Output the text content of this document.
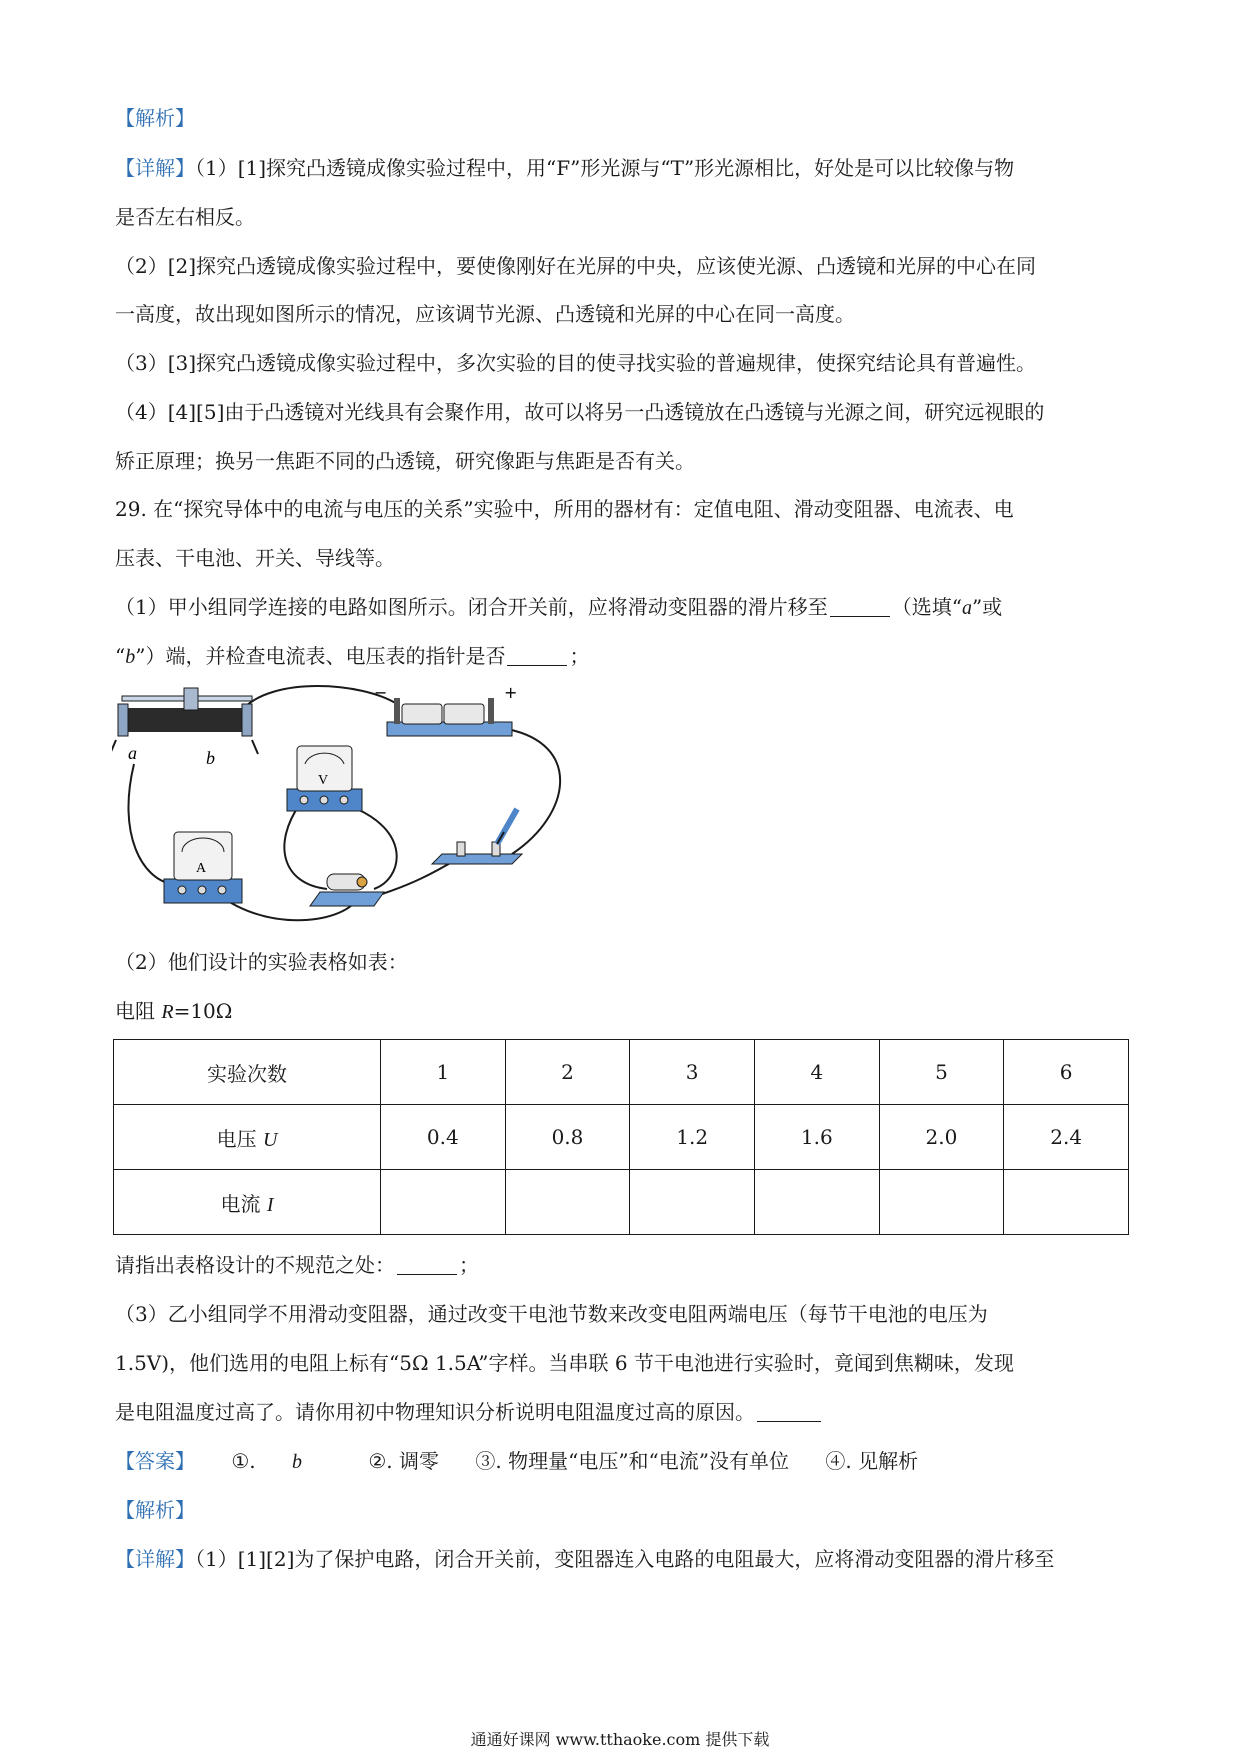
【解析】
【详解】（1）[1]探究凸透镜成像实验过程中，用“F”形光源与“T”形光源相比，好处是可以比较像与物
是否左右相反。
（2）[2]探究凸透镜成像实验过程中，要使像刚好在光屏的中央，应该使光源、凸透镜和光屏的中心在同
一高度，故出现如图所示的情况，应该调节光源、凸透镜和光屏的中心在同一高度。
（3）[3]探究凸透镜成像实验过程中，多次实验的目的使寻找实验的普遍规律，使探究结论具有普遍性。
（4）[4][5]由于凸透镜对光线具有会聚作用，故可以将另一凸透镜放在凸透镜与光源之间，研究远视眼的
矫正原理；换另一焦距不同的凸透镜，研究像距与焦距是否有关。
29. 在“探究导体中的电流与电压的关系”实验中，所用的器材有：定值电阻、滑动变阻器、电流表、电
压表、干电池、开关、导线等。
（1）甲小组同学连接的电路如图所示。闭合开关前，应将滑动变阻器的滑片移至	（选填“a”或
“b”）端，并检查电流表、电压表的指针是否	；
a	b
−	+
V
A
（2）他们设计的实验表格如表：
电阻 R=10Ω
实验次数	1	2	3	4	5	6
电压 U	0.4	0.8	1.2	1.6	2.0	2.4
电流 I						
请指出表格设计的不规范之处：	；
（3）乙小组同学不用滑动变阻器，通过改变干电池节数来改变电阻两端电压（每节干电池的电压为
1.5V)，他们选用的电阻上标有“5Ω 1.5A”字样。当串联 6 节干电池进行实验时，竟闻到焦糊味，发现
是电阻温度过高了。请你用初中物理知识分析说明电阻温度过高的原因。
【答案】 ①. b	②. 调零 ③. 物理量“电压”和“电流”没有单位 ④. 见解析
【解析】
【详解】（1）[1][2]为了保护电路，闭合开关前，变阻器连入电路的电阻最大，应将滑动变阻器的滑片移至
通通好课网 www.tthaoke.com 提供下载
